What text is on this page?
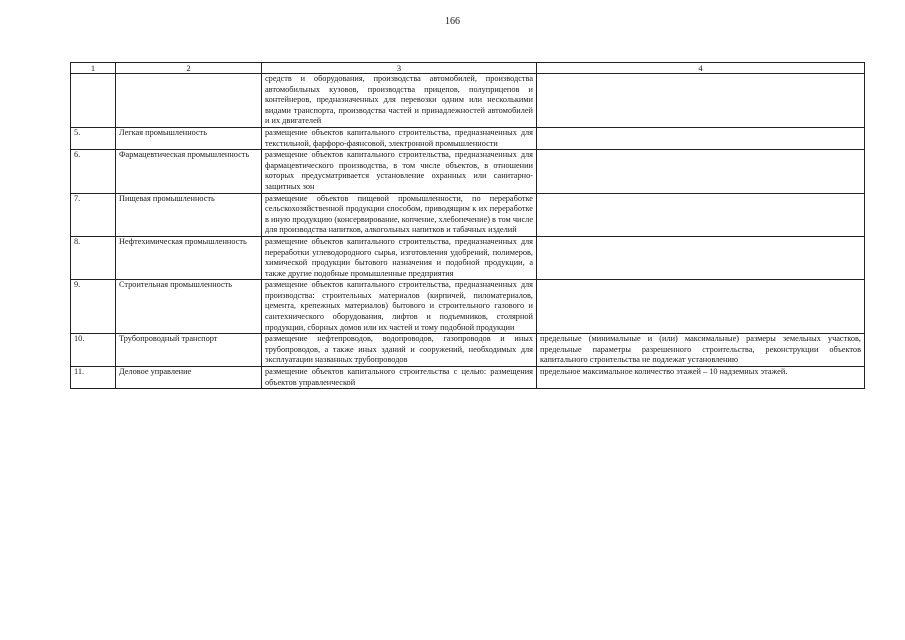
166
1	2	3	4
		средств и оборудования, производства автомобилей, производства автомобильных кузовов, производства прицепов, полуприцепов и контейнеров, предназначенных для перевозки одним или несколькими видами транспорта, производства частей и принадлежностей автомобилей и их двигателей	
5.	Легкая промышленность	размещение объектов капитального строительства, предназначенных для текстильной, фарфоро-фаянсовой, электронной промышленности	
6.	Фармацевтическая промышленность	размещение объектов капитального строительства, предназначенных для фармацевтического производства, в том числе объектов, в отношении которых предусматривается установление охранных или санитарно-защитных зон	
7.	Пищевая промышленность	размещение объектов пищевой промышленности, по переработке сельскохозяйственной продукции способом, приводящим к их переработке в иную продукцию (консервирование, копчение, хлебопечение) в том числе для производства напитков, алкогольных напитков и табачных изделий	
8.	Нефтехимическая промышленность	размещение объектов капитального строительства, предназначенных для переработки углеводородного сырья, изготовления удобрений, полимеров, химической продукции бытового назначения и подобной продукции, а также другие подобные промышленные предприятия	
9.	Строительная промышленность	размещение объектов капитального строительства, предназначенных для производства: строительных материалов (кирпичей, пиломатериалов, цемента, крепежных материалов) бытового и строительного газового и сантехнического оборудования, лифтов и подъемников, столярной продукции, сборных домов или их частей и тому подобной продукции	
10.	Трубопроводный транспорт	размещение нефтепроводов, водопроводов, газопроводов и иных трубопроводов, а также иных зданий и сооружений, необходимых для эксплуатации названных трубопроводов	предельные (минимальные и (или) максимальные) размеры земельных участков, предельные параметры разрешенного строительства, реконструкции объектов капитального строительства не подлежат установлению
11.	Деловое управление	размещение объектов капитального строительства с целью: размещения объектов управленческой	предельное максимальное количество этажей – 10 надземных этажей.
